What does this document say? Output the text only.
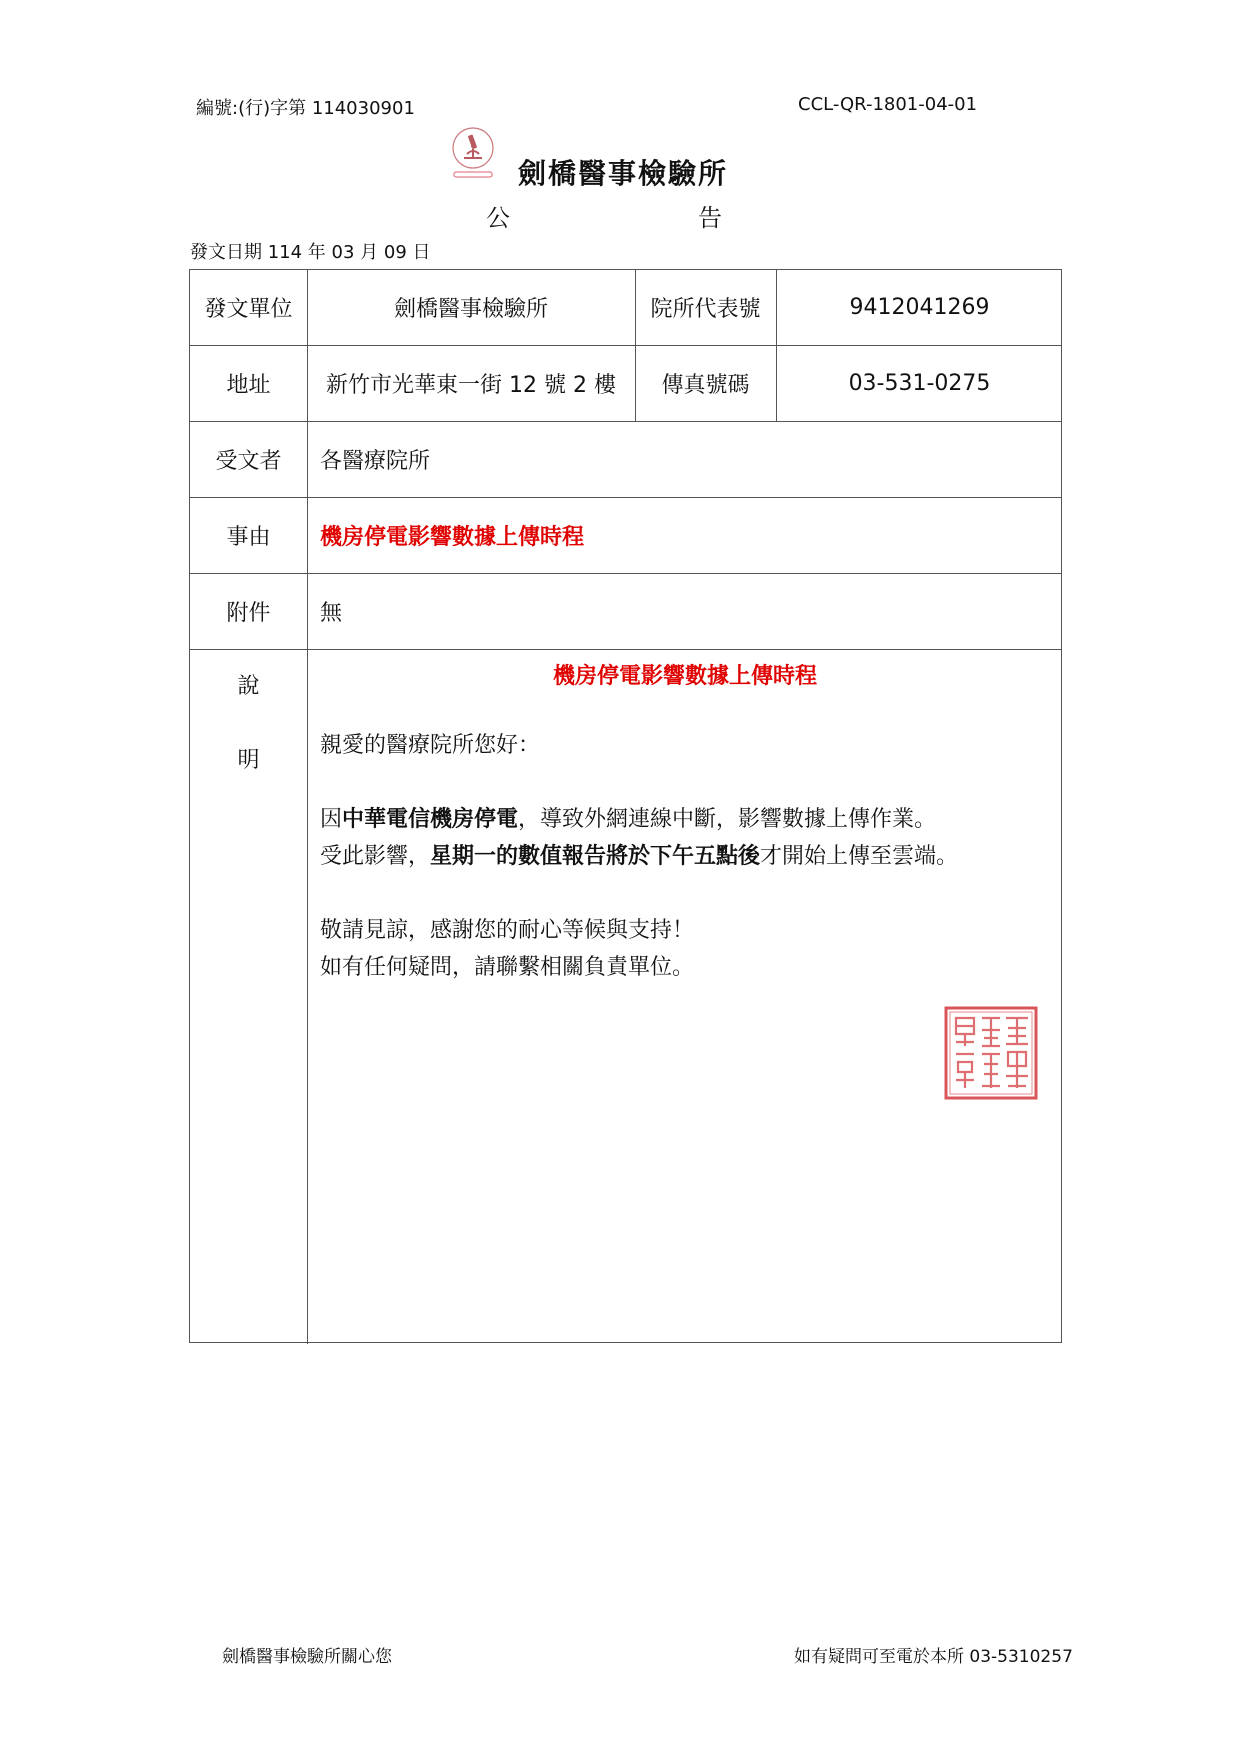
編號:(行)字第 114030901	CCL-QR-1801-04-01
劍橋醫事檢驗所
公	告
發文日期 114 年 03 月 09 日
發文單位	劍橋醫事檢驗所	院所代表號	9412041269
地址	新竹市光華東一街 12 號 2 樓	傳真號碼	03-531-0275
受文者	各醫療院所
事由	機房停電影響數據上傳時程
附件	無
說
明
機房停電影響數據上傳時程

親愛的醫療院所您好：

因中華電信機房停電，導致外網連線中斷，影響數據上傳作業。

受此影響，星期一的數值報告將於下午五點後才開始上傳至雲端。

敬請見諒，感謝您的耐心等候與支持！

如有任何疑問，請聯繫相關負責單位。

劍橋醫事檢驗所關心您	如有疑問可至電於本所 03-5310257
